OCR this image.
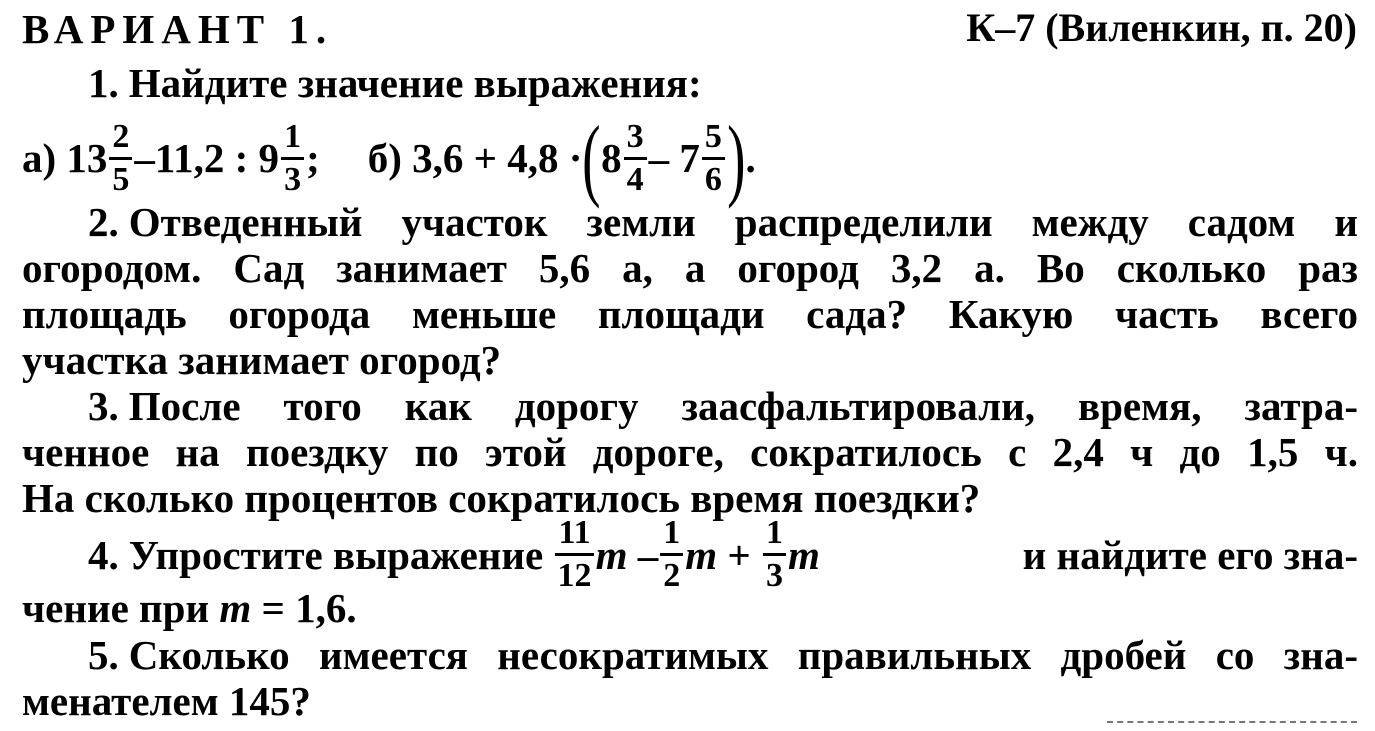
ВАРИАНТ 1.	К–7 (Виленкин, п. 20)
1. Найдите значение выражения:
а)
$13 \frac{2}{5} -11,2$ : $9 \frac{1}{3}$ ; б)
3,6 + 4,8 · ( $8 \frac{3}{4} - 7 \frac{5}{6}$ ) .
2. Отведенный участок земли распределили между садом и
огородом. Сад занимает 5,6 а, а огород 3,2 а. Во сколько раз
площадь огорода меньше площади сада? Какую часть всего
участка занимает огород?
3. После того как дорогу заасфальтировали, время, затра-
ченное на поездку по этой дороге, сократилось с 2,4 ч до 1,5 ч.
На сколько процентов сократилось время поездки?
4. Упростите выражение
$\frac{11}{12}$ m
– $\frac{1}{2}$ m
+
$\frac{1}{3}$ m	и найдите его зна-
чение при m = 1,6.
5. Сколько имеется несократимых правильных дробей со зна-
менателем 145?
